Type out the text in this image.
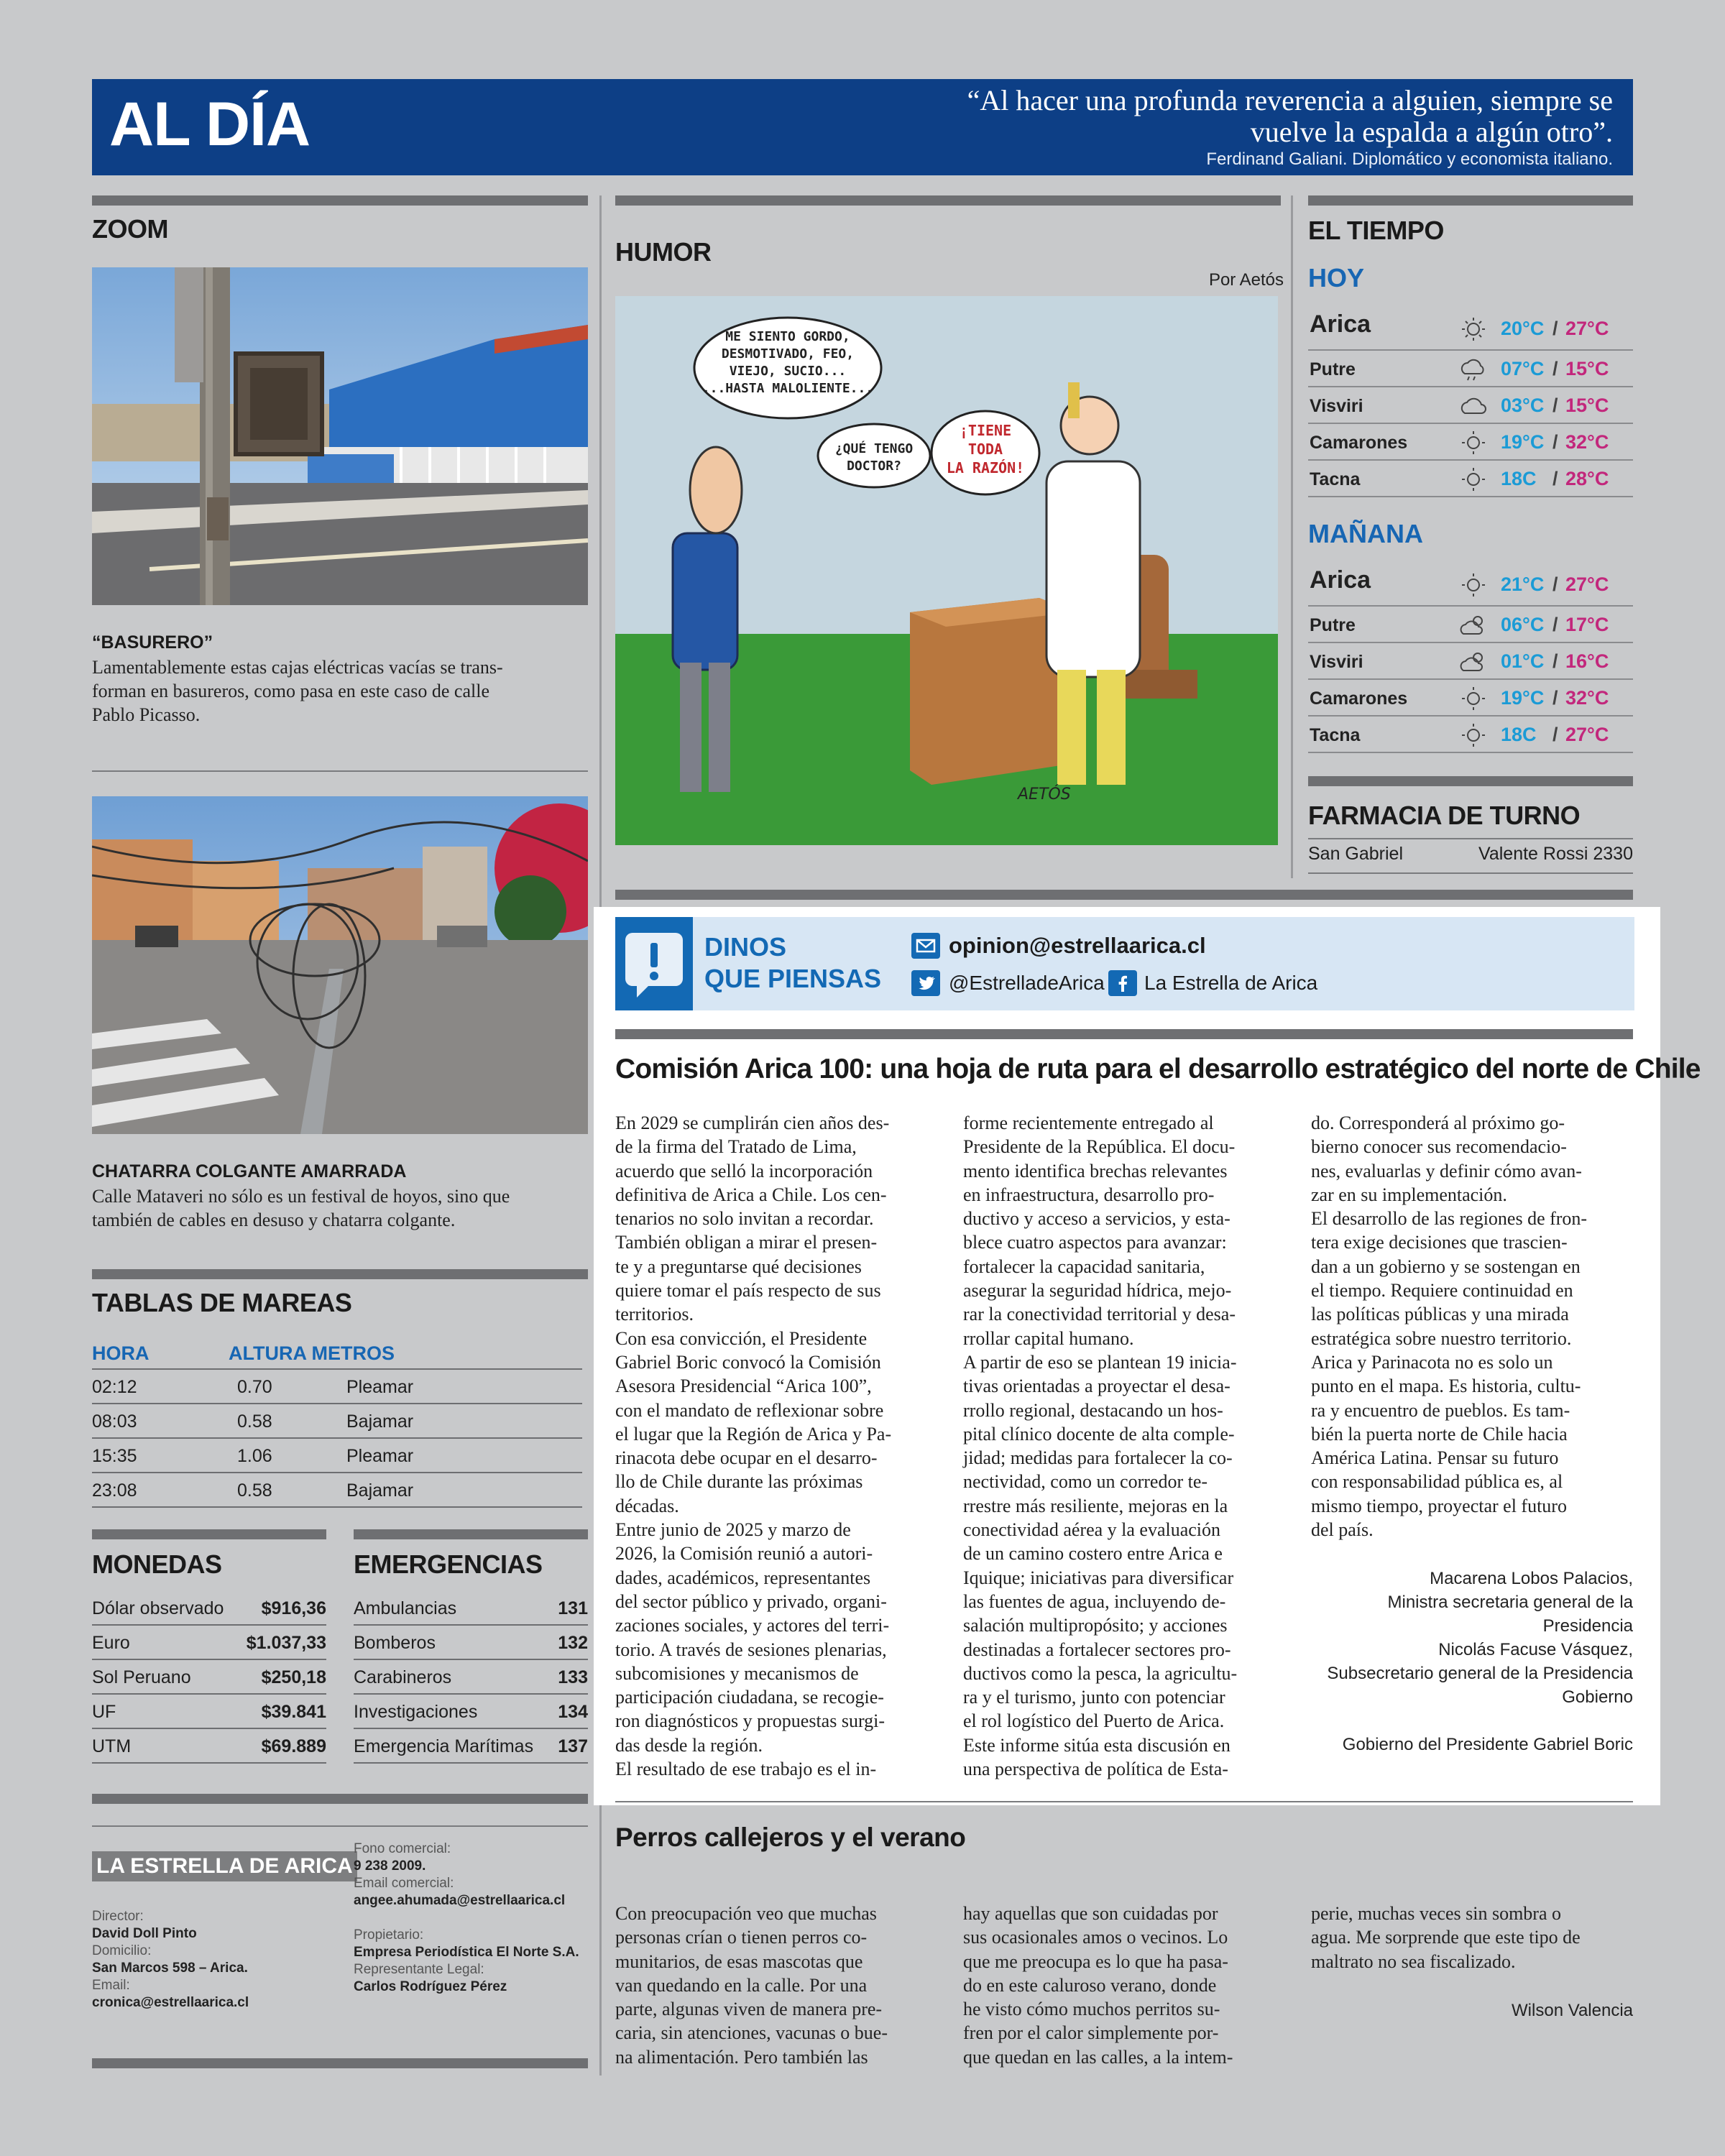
AL DÍA	“Al hacer una profunda reverencia a alguien, siempre se
vuelve la espalda a algún otro”.
Ferdinand Galiani. Diplomático y economista italiano.
ZOOM
“BASURERO”
Lamentablemente estas cajas eléctricas vacías se trans-
forman en basureros, como pasa en este caso de calle
Pablo Picasso.
CHATARRA COLGANTE AMARRADA
Calle Mataveri no sólo es un festival de hoyos, sino que
también de cables en desuso y chatarra colgante.
TABLAS DE MAREAS
HORA	ALTURA METROS
02:12	0.70	Pleamar
08:03	0.58	Bajamar
15:35	1.06	Pleamar
23:08	0.58	Bajamar
MONEDAS
Dólar observado $916,36
Euro	$1.037,33
Sol Peruano	$250,18
UF	$39.841
UTM	$69.889
EMERGENCIAS
Ambulancias	131
Bomberos	132
Carabineros	133
Investigaciones	134
Emergencia Marítimas 137
LA ESTRELLA DE ARICA
Director:
David Doll Pinto
Domicilio:
San Marcos 598 – Arica.
Email:
cronica@estrellaarica.cl
Fono comercial:
9 238 2009.
Email comercial:
angee.ahumada@estrellaarica.cl
Propietario:
Empresa Periodística El Norte S.A.
Representante Legal:
Carlos Rodríguez Pérez
HUMOR
Por Aetós
ME SIENTO GORDO,
DESMOTIVADO, FEO,
VIEJO, SUCIO...
...HASTA MALOLIENTE...
¿QUÉ TENGO
DOCTOR?
¡TIENE
TODA
LA RAZÓN!
AETÓS
EL TIEMPO
HOY
Arica	20°C / 27°C
Putre	07°C / 15°C
Visviri	03°C / 15°C
Camarones	19°C / 32°C
Tacna	18C / 28°C
MAÑANA
Arica	21°C / 27°C
Putre	06°C / 17°C
Visviri	01°C / 16°C
Camarones	19°C / 32°C
Tacna	18C / 27°C
FARMACIA DE TURNO
San Gabriel	Valente Rossi 2330
DINOS
QUE PIENSAS
opinion@estrellaarica.cl
@EstrelladeArica La Estrella de Arica
Comisión Arica 100: una hoja de ruta para el desarrollo estratégico del norte de Chile

En 2029 se cumplirán cien años des-

de la firma del Tratado de Lima,

acuerdo que selló la incorporación

definitiva de Arica a Chile. Los cen-

tenarios no solo invitan a recordar.

También obligan a mirar el presen-

te y a preguntarse qué decisiones

quiere tomar el país respecto de sus

territorios.

Con esa convicción, el Presidente

Gabriel Boric convocó la Comisión

Asesora Presidencial “Arica 100”,

con el mandato de reflexionar sobre

el lugar que la Región de Arica y Pa-

rinacota debe ocupar en el desarro-

llo de Chile durante las próximas

décadas.

Entre junio de 2025 y marzo de

2026, la Comisión reunió a autori-

dades, académicos, representantes

del sector público y privado, organi-

zaciones sociales, y actores del terri-

torio. A través de sesiones plenarias,

subcomisiones y mecanismos de

participación ciudadana, se recogie-

ron diagnósticos y propuestas surgi-

das desde la región.

El resultado de ese trabajo es el in-

forme recientemente entregado al

Presidente de la República. El docu-

mento identifica brechas relevantes

en infraestructura, desarrollo pro-

ductivo y acceso a servicios, y esta-

blece cuatro aspectos para avanzar:

fortalecer la capacidad sanitaria,

asegurar la seguridad hídrica, mejo-

rar la conectividad territorial y desa-

rrollar capital humano.

A partir de eso se plantean 19 inicia-

tivas orientadas a proyectar el desa-

rrollo regional, destacando un hos-

pital clínico docente de alta comple-

jidad; medidas para fortalecer la co-

nectividad, como un corredor te-

rrestre más resiliente, mejoras en la

conectividad aérea y la evaluación

de un camino costero entre Arica e

Iquique; iniciativas para diversificar

las fuentes de agua, incluyendo de-

salación multipropósito; y acciones

destinadas a fortalecer sectores pro-

ductivos como la pesca, la agricultu-

ra y el turismo, junto con potenciar

el rol logístico del Puerto de Arica.

Este informe sitúa esta discusión en

una perspectiva de política de Esta-

do. Corresponderá al próximo go-

bierno conocer sus recomendacio-

nes, evaluarlas y definir cómo avan-

zar en su implementación.

El desarrollo de las regiones de fron-

tera exige decisiones que trascien-

dan a un gobierno y se sostengan en

el tiempo. Requiere continuidad en

las políticas públicas y una mirada

estratégica sobre nuestro territorio.

Arica y Parinacota no es solo un

punto en el mapa. Es historia, cultu-

ra y encuentro de pueblos. Es tam-

bién la puerta norte de Chile hacia

América Latina. Pensar su futuro

con responsabilidad pública es, al

mismo tiempo, proyectar el futuro

del país.

Macarena Lobos Palacios,
Ministra secretaria general de la
Presidencia
Nicolás Facuse Vásquez,
Subsecretario general de la Presidencia
Gobierno
Gobierno del Presidente Gabriel Boric
Perros callejeros y el verano

Con preocupación veo que muchas

personas crían o tienen perros co-

munitarios, de esas mascotas que

van quedando en la calle. Por una

parte, algunas viven de manera pre-

caria, sin atenciones, vacunas o bue-

na alimentación. Pero también las

hay aquellas que son cuidadas por

sus ocasionales amos o vecinos. Lo

que me preocupa es lo que ha pasa-

do en este caluroso verano, donde

he visto cómo muchos perritos su-

fren por el calor simplemente por-

que quedan en las calles, a la intem-

perie, muchas veces sin sombra o

agua. Me sorprende que este tipo de

maltrato no sea fiscalizado.

Wilson Valencia
